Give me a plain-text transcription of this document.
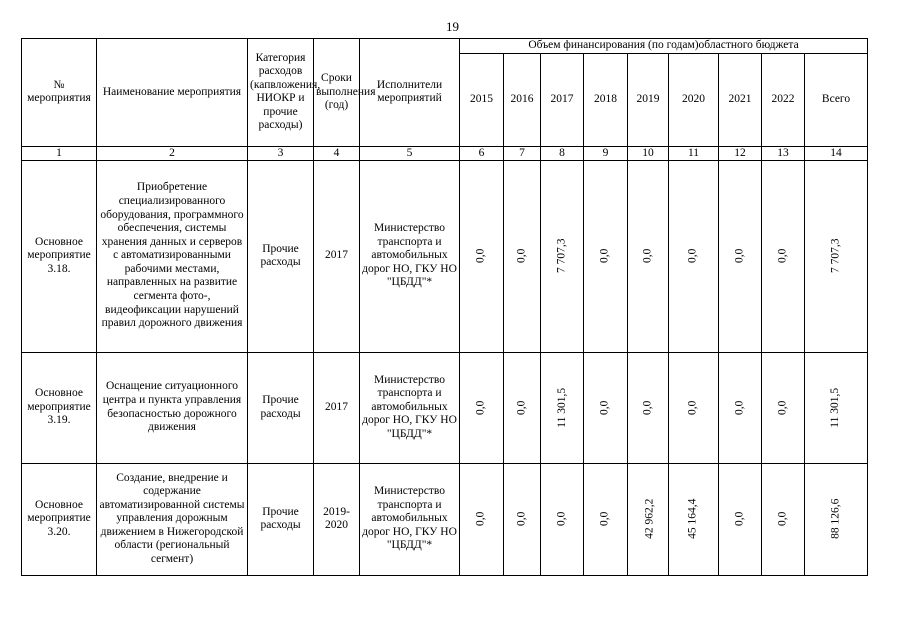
19
№ мероприятия	Наименование мероприятия	Категория расходов (капвложения, НИОКР и прочие расходы)	Сроки выполнения (год)	Исполнители мероприятий	Объем финансирования (по годам)областного бюджета								
					2015	2016	2017	2018	2019	2020	2021	2022	Всего
1	2	3	4	5	6	7	8	9	10	11	12	13	14
Основное мероприятие 3.18.	Приобретение специализированного оборудования, программного обеспечения, системы хранения данных и серверов с автоматизированными рабочими местами, направленных на развитие сегмента фото-, видеофиксации нарушений правил дорожного движения	Прочие расходы	2017	Министерство транспорта и автомобильных дорог НО, ГКУ НО "ЦБДД"*	0,0	0,0	7 707,3	0,0	0,0	0,0	0,0	0,0	7 707,3
Основное мероприятие 3.19.	Оснащение ситуационного центра и пункта управления безопасностью дорожного движения	Прочие расходы	2017	Министерство транспорта и автомобильных дорог НО, ГКУ НО "ЦБДД"*	0,0	0,0	11 301,5	0,0	0,0	0,0	0,0	0,0	11 301,5
Основное мероприятие 3.20.	Создание, внедрение и содержание автоматизированной системы управления дорожным движением в Нижегородской области (региональный сегмент)	Прочие расходы	2019-2020	Министерство транспорта и автомобильных дорог НО, ГКУ НО "ЦБДД"*	0,0	0,0	0,0	0,0	42 962,2	45 164,4	0,0	0,0	88 126,6
